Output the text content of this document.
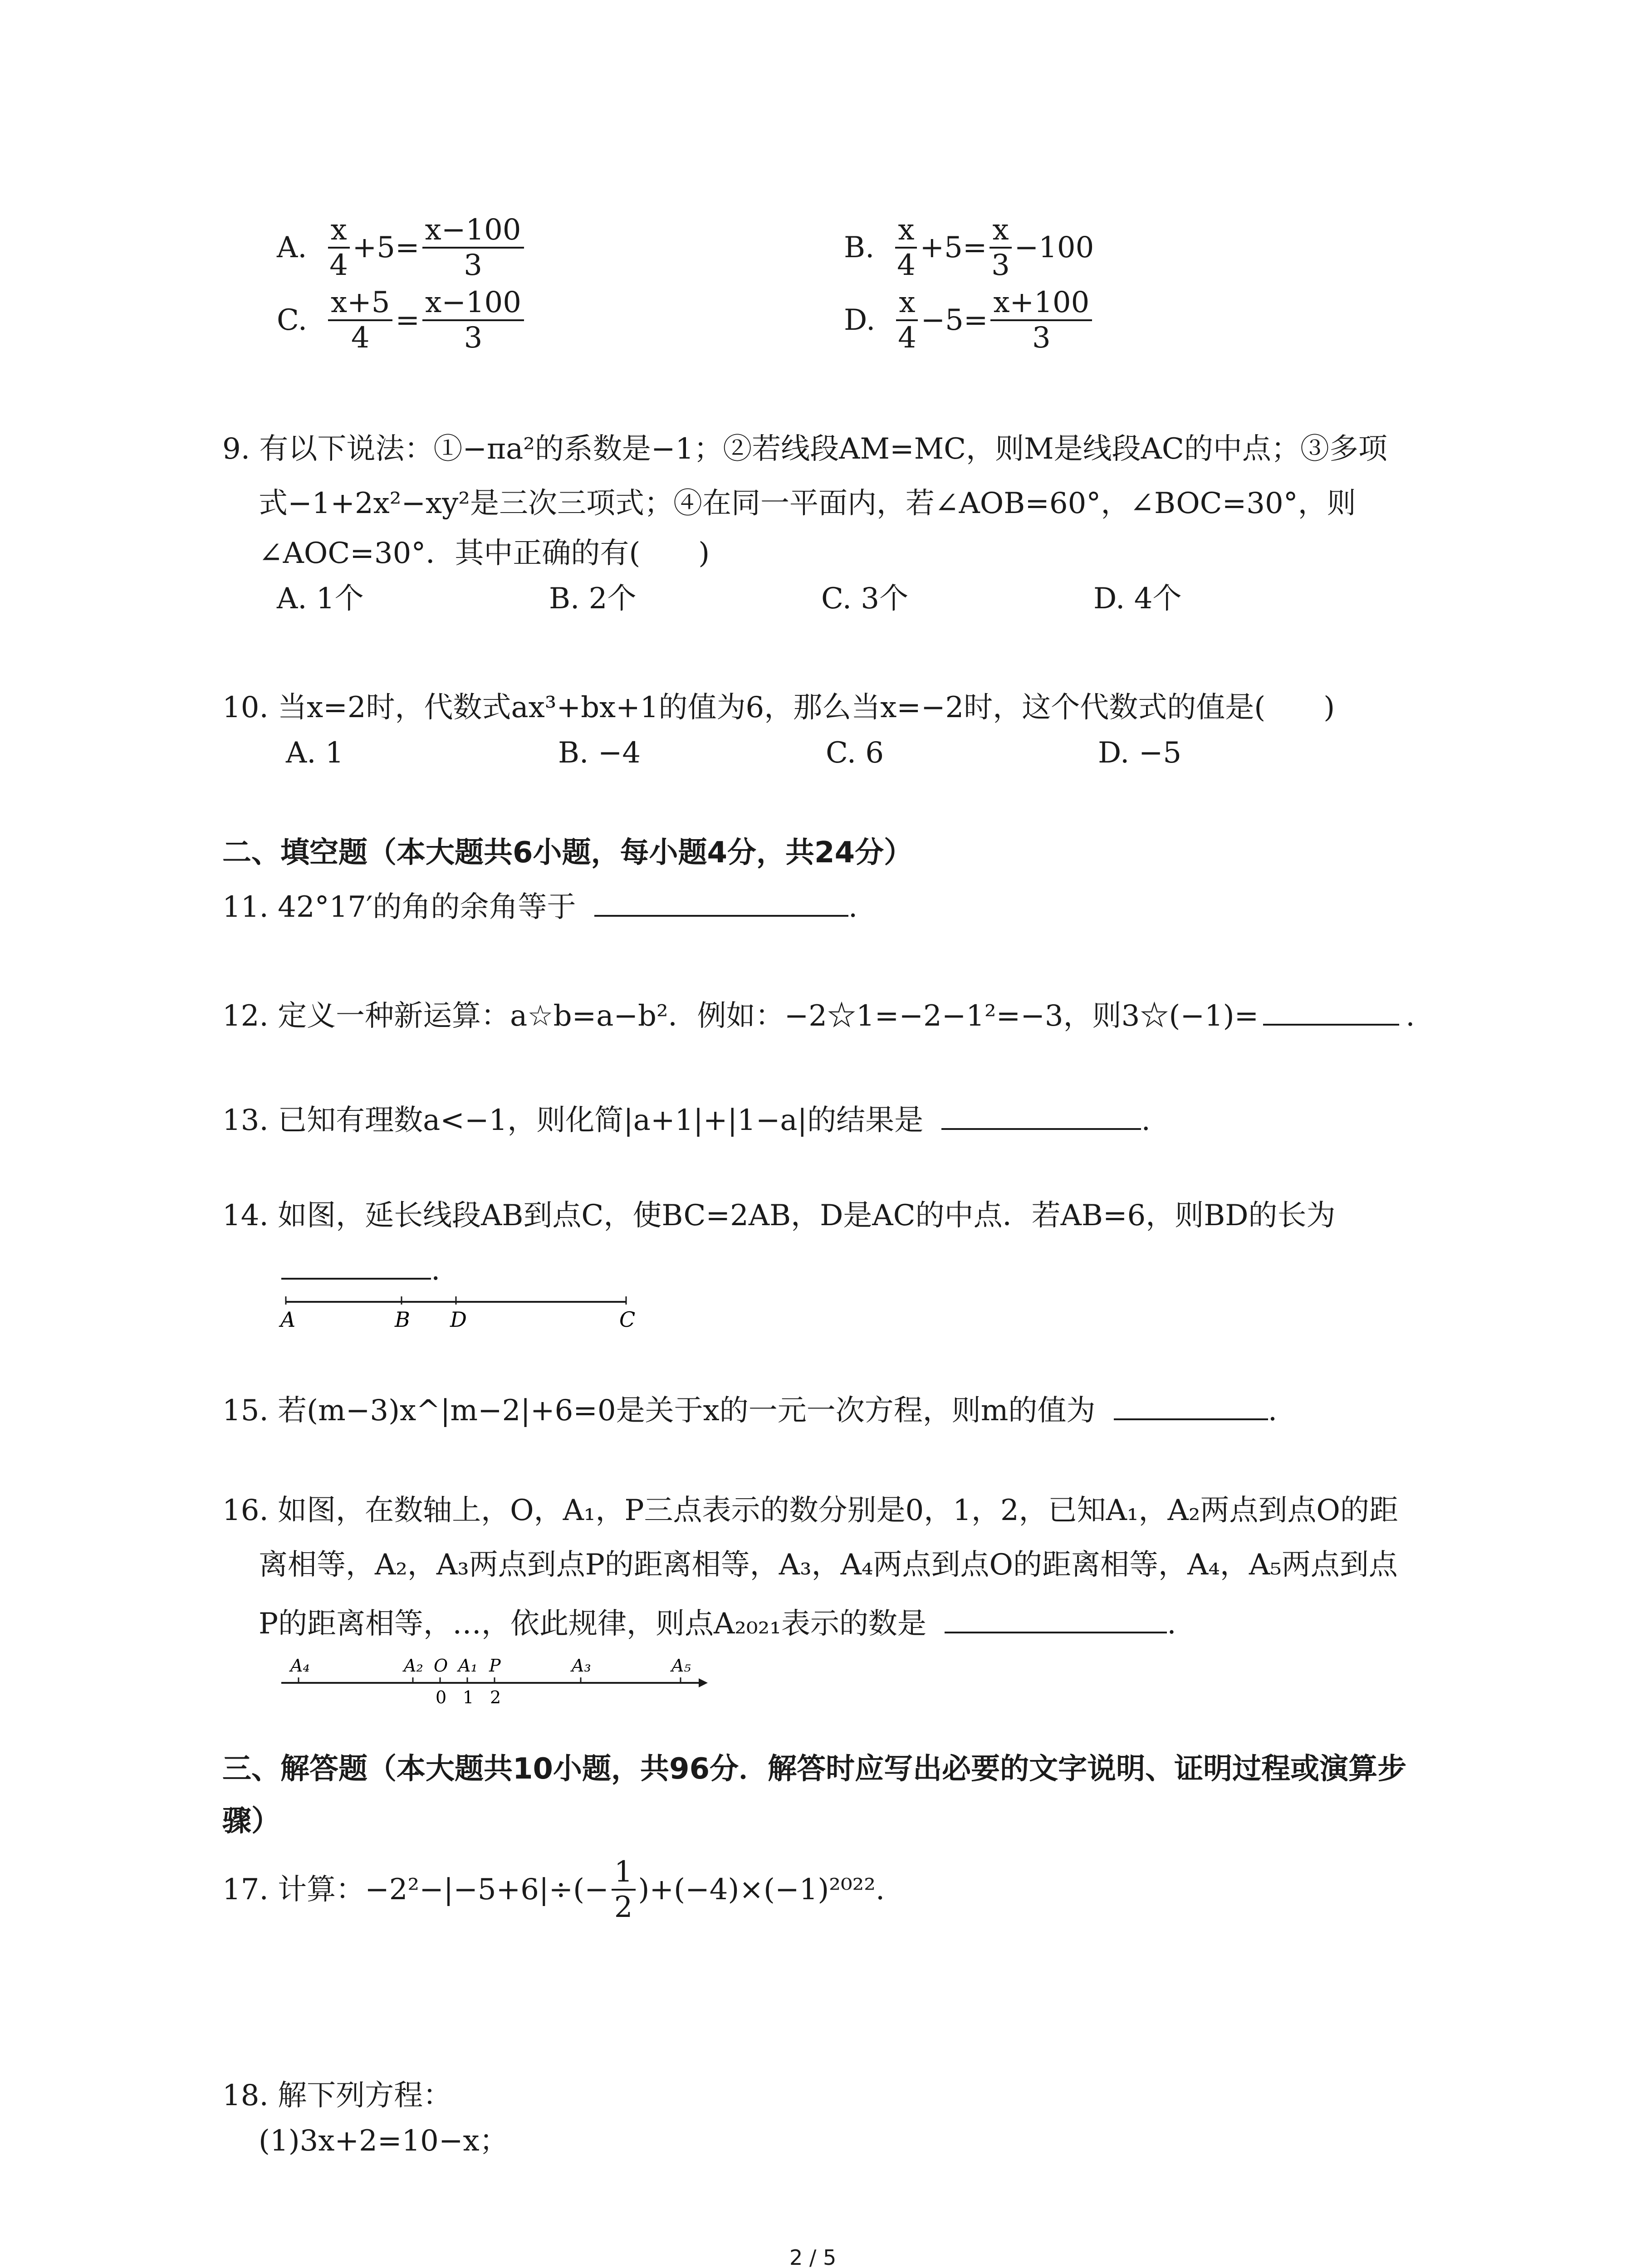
A. $\frac{x}{4} +5= \frac{x-100}{3}$	B. $\frac{x}{4} +5= \frac{x}{3} -100$
C. $\frac{x+5}{4} = \frac{x-100}{3}$	D. $\frac{x}{4} -5= \frac{x+100}{3}$
9. 有以下说法：①−πa²的系数是−1；②若线段AM=MC，则M是线段AC的中点；③多项
式−1+2x²−xy²是三次三项式；④在同一平面内，若∠AOB=60°，∠BOC=30°，则
∠AOC=30°．其中正确的有(　　)
A. 1个	B. 2个	C. 3个	D. 4个
10. 当x=2时，代数式ax³+bx+1的值为6，那么当x=−2时，这个代数式的值是(　　)
A. 1	B. −4	C. 6	D. −5
二、填空题（本大题共6小题，每小题4分，共24分）
11. 42°17′的角的余角等于	.
12. 定义一种新运算：a☆b=a−b²．例如：−2☆1=−2−1²=−3，则3☆(−1)=	.
13. 已知有理数a<−1，则化简|a+1|+|1−a|的结果是	.
14. 如图，延长线段AB到点C，使BC=2AB，D是AC的中点．若AB=6，则BD的长为
.
A	B D	C
15. 若(m−3)x^|m−2|+6=0是关于x的一元一次方程，则m的值为	.
16. 如图，在数轴上，O，A₁，P三点表示的数分别是0，1，2，已知A₁，A₂两点到点O的距
离相等，A₂，A₃两点到点P的距离相等，A₃，A₄两点到点O的距离相等，A₄，A₅两点到点
P的距离相等，…，依此规律，则点A₂₀₂₁表示的数是	.
A₄	A₂ O A₁ P	A₃	A₅
0 1 2
三、解答题（本大题共10小题，共96分．解答时应写出必要的文字说明、证明过程或演算步
骤）
17. 计算：$-2^2-|-5+6|\div(- \frac{1}{2} )+(-4)\times(-1)^{2022}$.
18. 解下列方程：
(1)3x+2=10−x；
2 / 5
